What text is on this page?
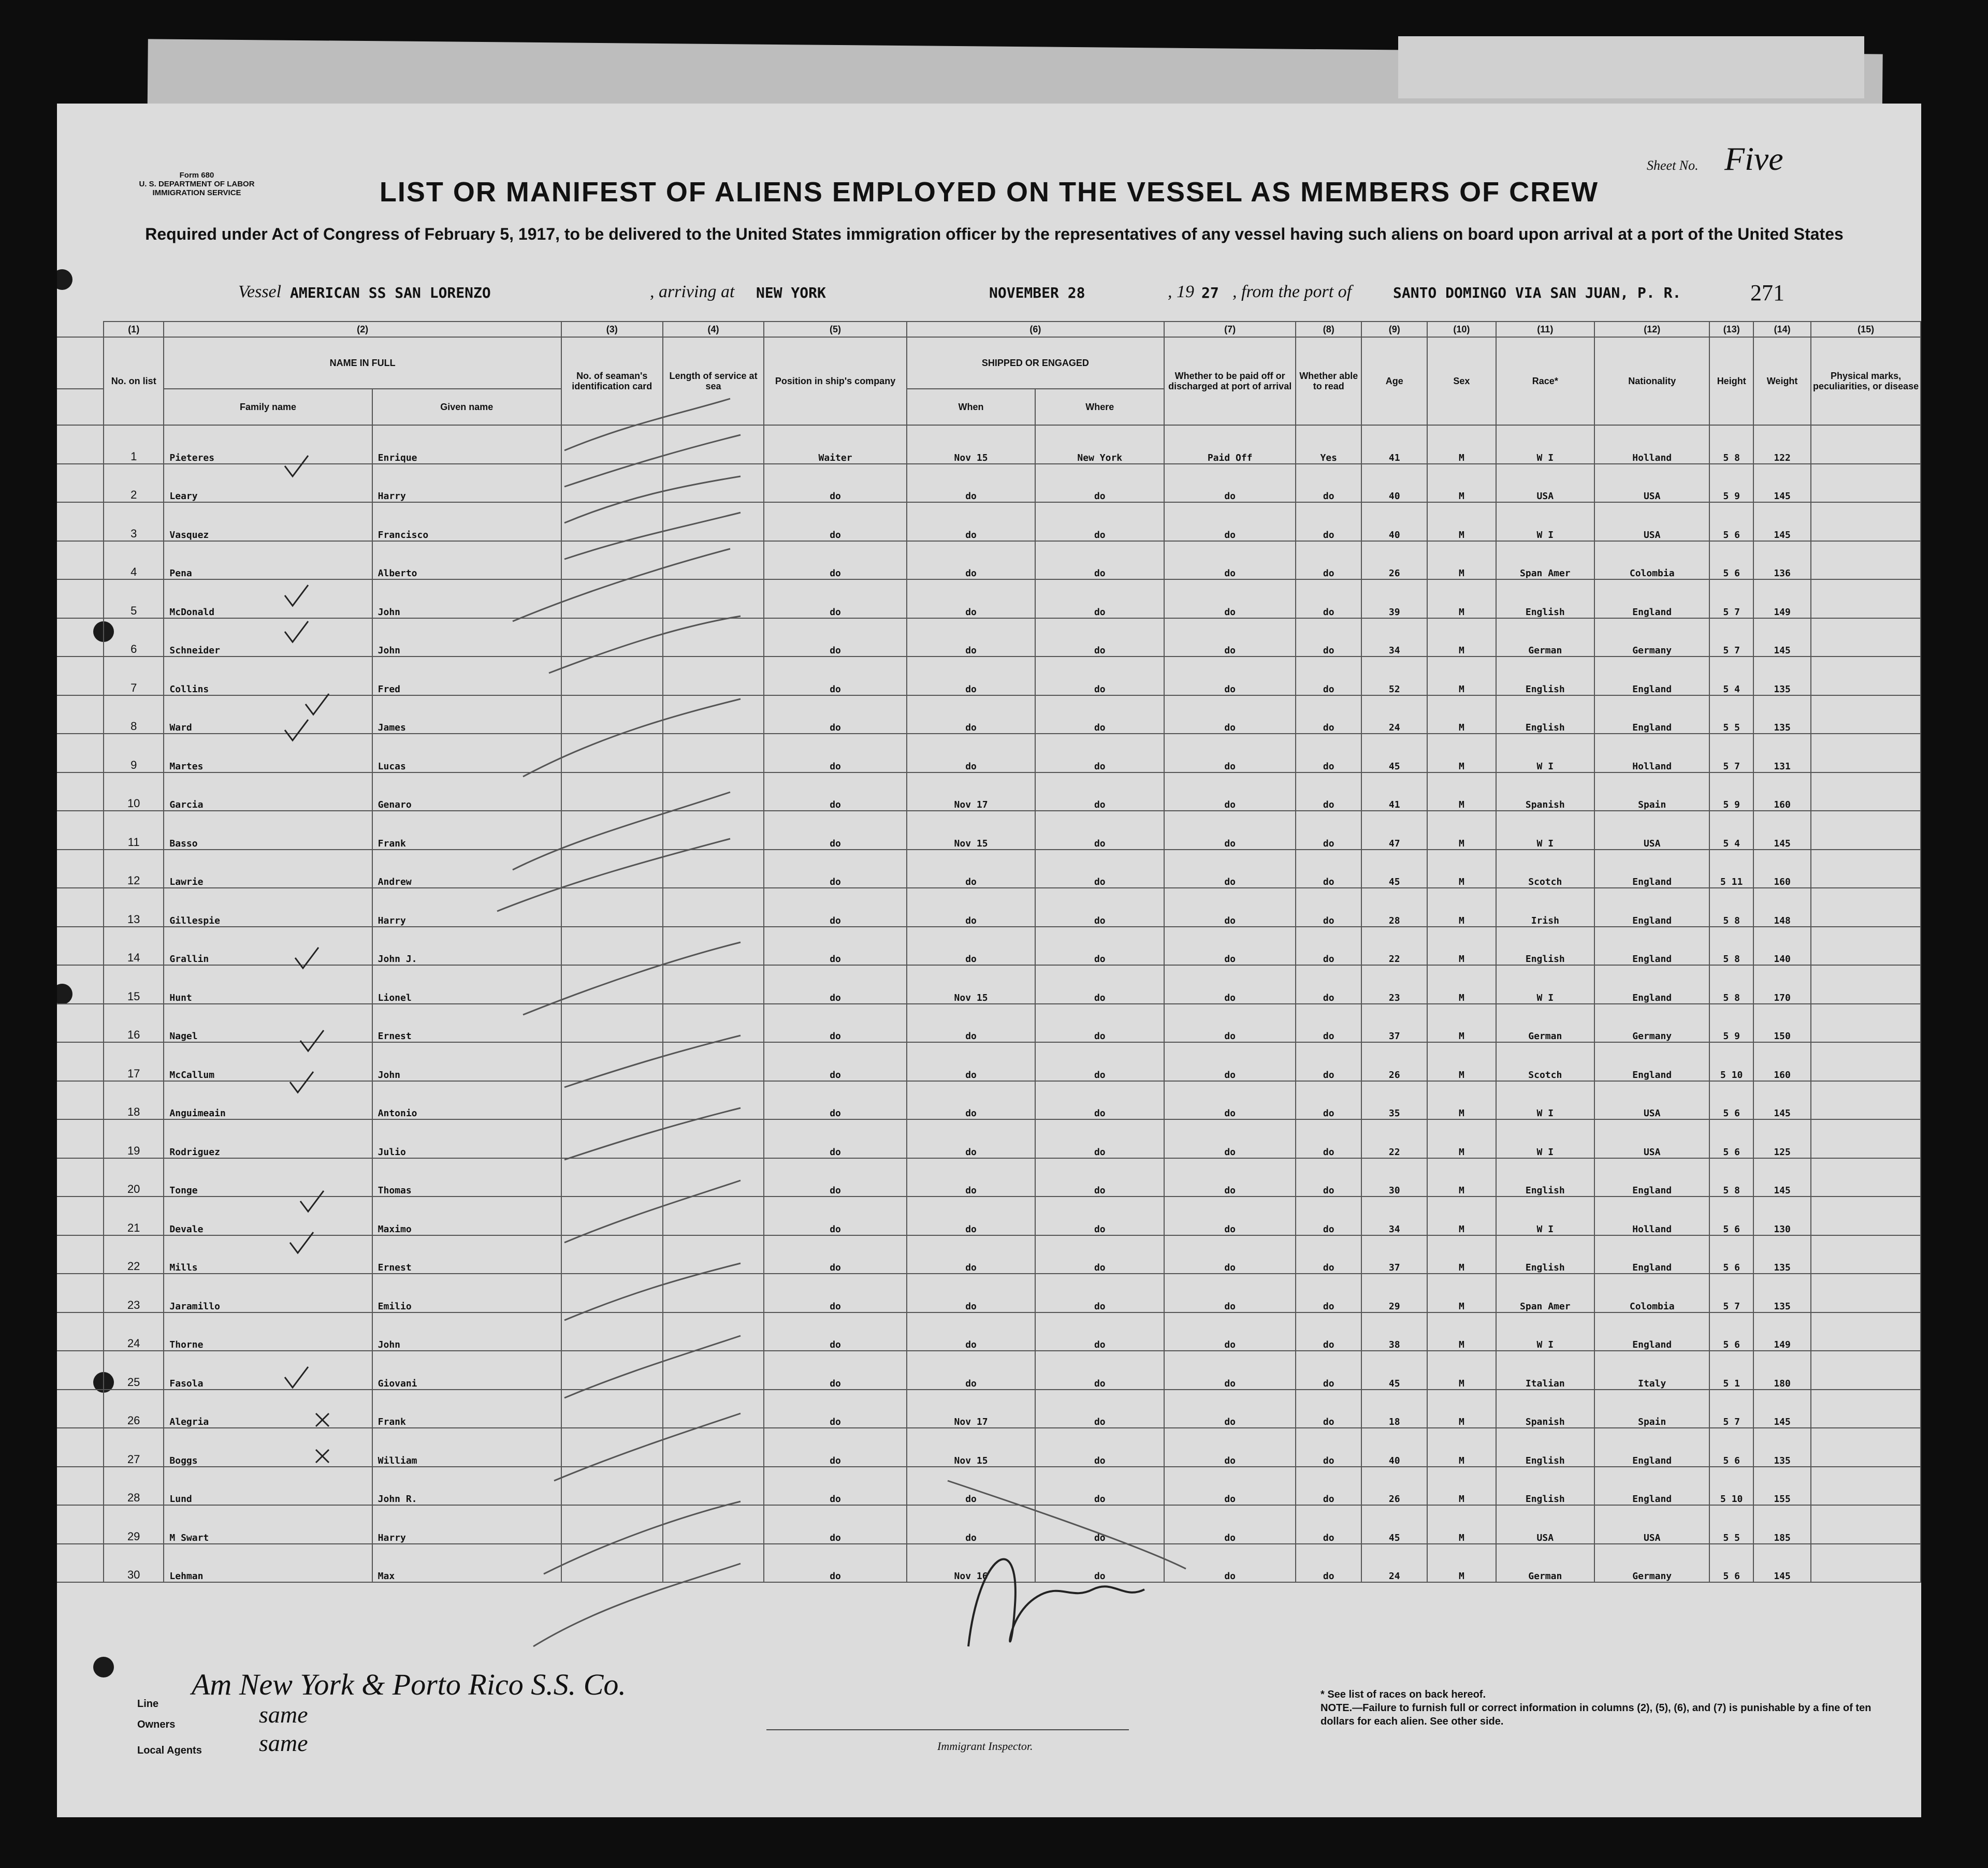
Form 680
U. S. DEPARTMENT OF LABOR
IMMIGRATION SERVICE
Sheet No. Five
LIST OR MANIFEST OF ALIENS EMPLOYED ON THE VESSEL AS MEMBERS OF CREW
Required under Act of Congress of February 5, 1917, to be delivered to the United States immigration officer by the representatives of any vessel having such aliens on board upon arrival at a port of the United States
Vessel AMERICAN SS SAN LORENZO	, arriving at NEW YORK	NOVEMBER 28	, 19 27 , from the port of	SANTO DOMINGO VIA SAN JUAN, P. R.	271
	(1)	(2)		(3)	(4)	(5)	(6)		(7)	(8)	(9)	(10)	(11)	(12)	(13)	(14)	(15)
	No. on list	NAME IN FULL		No. of seaman's identification card	Length of service at sea	Position in ship's company	SHIPPED OR ENGAGED		Whether to be paid off or discharged at port of arrival	Whether able to read	Age	Sex	Race*	Nationality	Height	Weight	Physical marks, peculiarities, or disease
		Family name	Given name				When	Where									
	1	Pieteres	Enrique			Waiter	Nov 15	New York	Paid Off	Yes	41	M	W I	Holland	5 8	122	
	2	Leary	Harry			do	do	do	do	do	40	M	USA	USA	5 9	145	
	3	Vasquez	Francisco			do	do	do	do	do	40	M	W I	USA	5 6	145	
	4	Pena	Alberto			do	do	do	do	do	26	M	Span Amer	Colombia	5 6	136	
	5	McDonald	John			do	do	do	do	do	39	M	English	England	5 7	149	
	6	Schneider	John			do	do	do	do	do	34	M	German	Germany	5 7	145	
	7	Collins	Fred			do	do	do	do	do	52	M	English	England	5 4	135	
	8	Ward	James			do	do	do	do	do	24	M	English	England	5 5	135	
	9	Martes	Lucas			do	do	do	do	do	45	M	W I	Holland	5 7	131	
	10	Garcia	Genaro			do	Nov 17	do	do	do	41	M	Spanish	Spain	5 9	160	
	11	Basso	Frank			do	Nov 15	do	do	do	47	M	W I	USA	5 4	145	
	12	Lawrie	Andrew			do	do	do	do	do	45	M	Scotch	England	5 11	160	
	13	Gillespie	Harry			do	do	do	do	do	28	M	Irish	England	5 8	148	
	14	Grallin	John J.			do	do	do	do	do	22	M	English	England	5 8	140	
	15	Hunt	Lionel			do	Nov 15	do	do	do	23	M	W I	England	5 8	170	
	16	Nagel	Ernest			do	do	do	do	do	37	M	German	Germany	5 9	150	
	17	McCallum	John			do	do	do	do	do	26	M	Scotch	England	5 10	160	
	18	Anguimeain	Antonio			do	do	do	do	do	35	M	W I	USA	5 6	145	
	19	Rodriguez	Julio			do	do	do	do	do	22	M	W I	USA	5 6	125	
	20	Tonge	Thomas			do	do	do	do	do	30	M	English	England	5 8	145	
	21	Devale	Maximo			do	do	do	do	do	34	M	W I	Holland	5 6	130	
	22	Mills	Ernest			do	do	do	do	do	37	M	English	England	5 6	135	
	23	Jaramillo	Emilio			do	do	do	do	do	29	M	Span Amer	Colombia	5 7	135	
	24	Thorne	John			do	do	do	do	do	38	M	W I	England	5 6	149	
	25	Fasola	Giovani			do	do	do	do	do	45	M	Italian	Italy	5 1	180	
	26	Alegria	Frank			do	Nov 17	do	do	do	18	M	Spanish	Spain	5 7	145	
	27	Boggs	William			do	Nov 15	do	do	do	40	M	English	England	5 6	135	
	28	Lund	John R.			do	do	do	do	do	26	M	English	England	5 10	155	
	29	M Swart	Harry			do	do	do	do	do	45	M	USA	USA	5 5	185	
	30	Lehman	Max			do	Nov 16	do	do	do	24	M	German	Germany	5 6	145	
Line
Am New York & Porto Rico S.S. Co.
Owners	same
Local Agents same	Immigrant Inspector.
* See list of races on back hereof.
NOTE.—Failure to furnish full or correct information in columns (2), (5), (6), and (7) is punishable by a fine of ten dollars for each alien. See other side.
